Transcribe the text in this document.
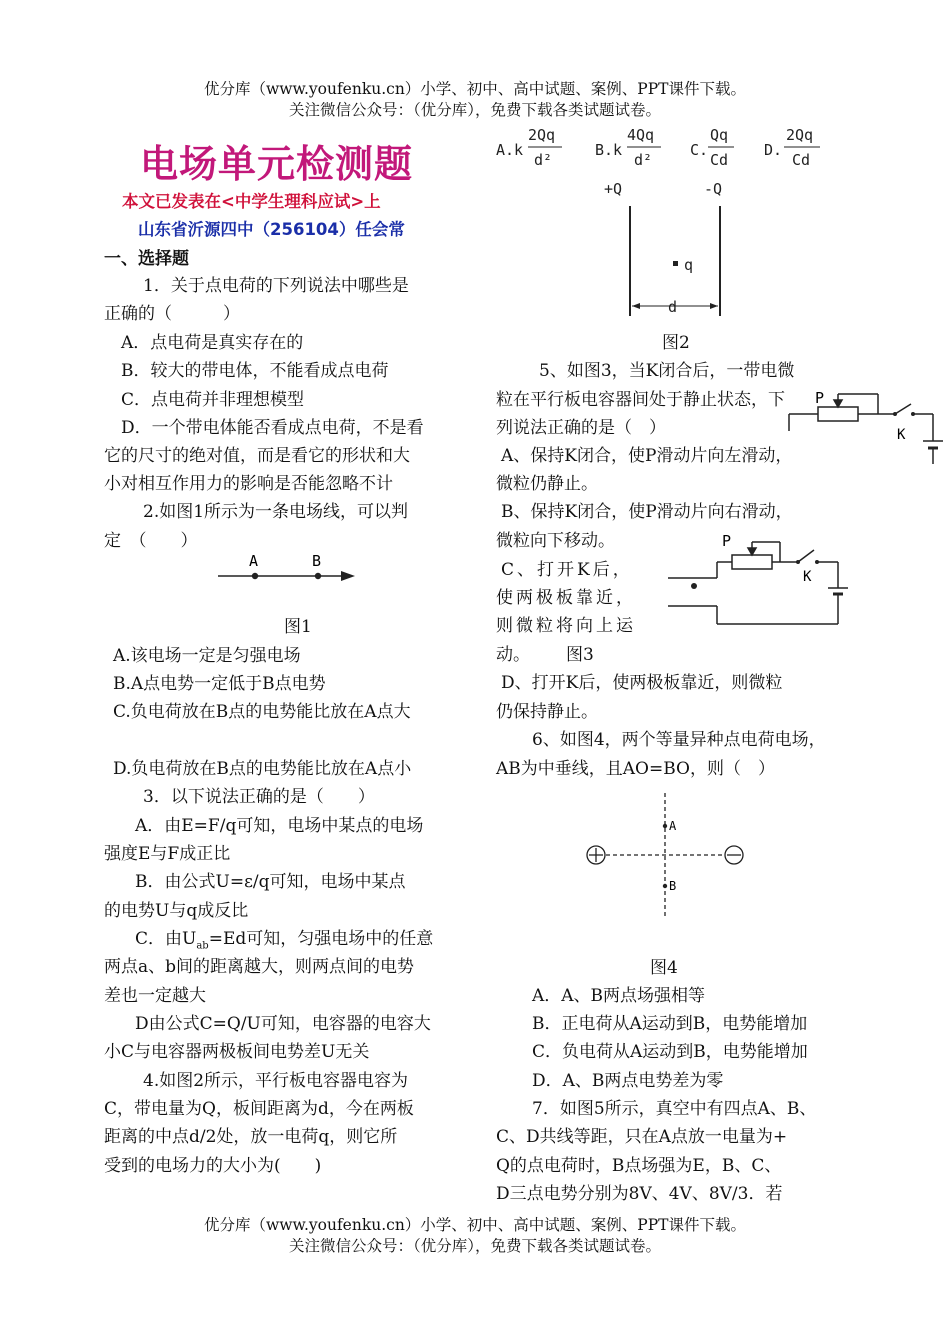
优分库（www.youfenku.cn）小学、初中、高中试题、案例、PPT课件下载。
关注微信公众号：（优分库），免费下载各类试题试卷。
电场单元检测题
本文已发表在<中学生理科应试>上
山东省沂源四中（256104）任会常
一、选择题
1．关于点电荷的下列说法中哪些是
正确的（　　　）
A．点电荷是真实存在的
B．较大的带电体，不能看成点电荷
C．点电荷并非理想模型
D．一个带电体能否看成点电荷，不是看
它的尺寸的绝对值，而是看它的形状和大
小对相互作用力的影响是否能忽略不计
2.如图1所示为一条电场线，可以判
定　（　　）
A	B
图1
A.该电场一定是匀强电场
B.A点电势一定低于B点电势
C.负电荷放在B点的电势能比放在A点大
D.负电荷放在B点的电势能比放在A点小
3．以下说法正确的是（　　）
A．由E=F/q可知，电场中某点的电场
强度E与F成正比
B．由公式U=ε/q可知，电场中某点
的电势U与q成反比
C．由$U_{ab}=Ed$可知，匀强电场中的任意
两点a、b间的距离越大，则两点间的电势
差也一定越大
D由公式C=Q/U可知，电容器的电容大
小C与电容器两极板间电势差U无关
4.如图2所示，平行板电容器电容为
C，带电量为Q，板间距离为d，今在两板
距离的中点d/2处，放一电荷q，则它所
受到的电场力的大小为(　　)
A.k
2Qq
d²
B.k
4Qq
d²
C.
Qq
Cd
D.
2Qq
Cd
+Q	-Q
q
d
图2
5、如图3，当K闭合后，一带电微
粒在平行板电容器间处于静止状态，下
列说法正确的是（　）
P
K
A、保持K闭合，使P滑动片向左滑动，
微粒仍静止。
B、保持K闭合，使P滑动片向右滑动，
微粒向下移动。
C、打开K后，
使两极板靠近，
则微粒将向上运
动。 图3
P
K
D、打开K后，使两极板靠近，则微粒
仍保持静止。
6、如图4，两个等量异种点电荷电场，
AB为中垂线，且AO=BO，则（　）
A
B
图4
A．A、B两点场强相等
B．正电荷从A运动到B，电势能增加
C．负电荷从A运动到B，电势能增加
D．A、B两点电势差为零
7．如图5所示，真空中有四点A、B、
C、D共线等距，只在A点放一电量为+
Q的点电荷时，B点场强为E，B、C、
D三点电势分别为8V、4V、8V/3．若
优分库（www.youfenku.cn）小学、初中、高中试题、案例、PPT课件下载。
关注微信公众号：（优分库），免费下载各类试题试卷。
